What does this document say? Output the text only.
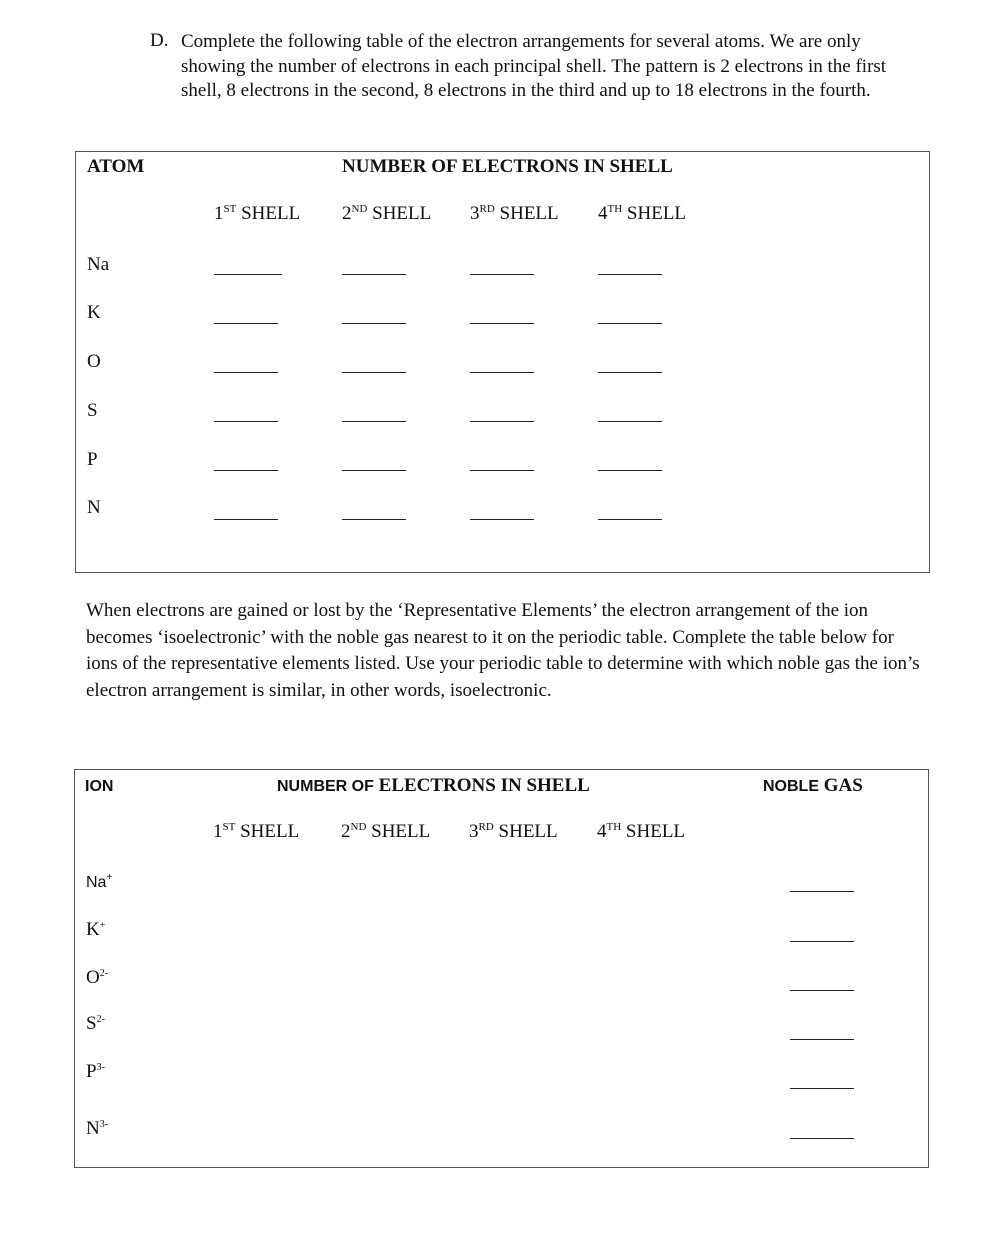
D. Complete the following table of the electron arrangements for several atoms. We are only showing the number of electrons in each principal shell. The pattern is 2 electrons in the first shell, 8 electrons in the second, 8 electrons in the third and up to 18 electrons in the fourth.

ATOM	NUMBER OF ELECTRONS IN SHELL
1ST SHELL 2ND SHELL 3RD SHELL 4TH SHELL
Na
K
O
S
P
N

When electrons are gained or lost by the ‘Representative Elements’ the electron arrangement of the ion becomes ‘isoelectronic’ with the noble gas nearest to it on the periodic table. Complete the table below for ions of the representative elements listed. Use your periodic table to determine with which noble gas the ion’s electron arrangement is similar, in other words, isoelectronic.

ION	NUMBER OF ELECTRONS IN SHELL	NOBLE GAS
1ST SHELL 2ND SHELL 3RD SHELL 4TH SHELL
Na+
K+
$O^{2-}$
$S^{2-}$
$P^{3-}$
$N^{3-}$
